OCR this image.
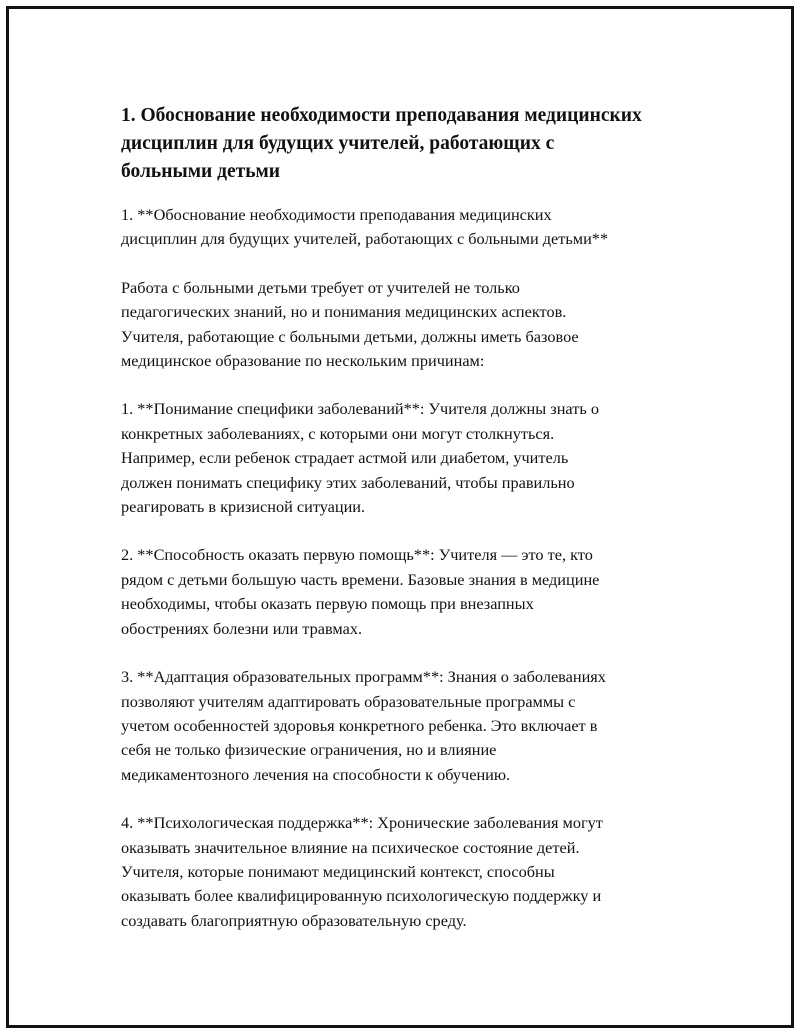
1. Обоснование необходимости преподавания медицинских
дисциплин для будущих учителей, работающих с
больными детьми
1. **Обоснование необходимости преподавания медицинских
дисциплин для будущих учителей, работающих с больными детьми**
Работа с больными детьми требует от учителей не только
педагогических знаний, но и понимания медицинских аспектов.
Учителя, работающие с больными детьми, должны иметь базовое
медицинское образование по нескольким причинам:
1. **Понимание специфики заболеваний**: Учителя должны знать о
конкретных заболеваниях, с которыми они могут столкнуться.
Например, если ребенок страдает астмой или диабетом, учитель
должен понимать специфику этих заболеваний, чтобы правильно
реагировать в кризисной ситуации.
2. **Способность оказать первую помощь**: Учителя — это те, кто
рядом с детьми большую часть времени. Базовые знания в медицине
необходимы, чтобы оказать первую помощь при внезапных
обострениях болезни или травмах.
3. **Адаптация образовательных программ**: Знания о заболеваниях
позволяют учителям адаптировать образовательные программы с
учетом особенностей здоровья конкретного ребенка. Это включает в
себя не только физические ограничения, но и влияние
медикаментозного лечения на способности к обучению.
4. **Психологическая поддержка**: Хронические заболевания могут
оказывать значительное влияние на психическое состояние детей.
Учителя, которые понимают медицинский контекст, способны
оказывать более квалифицированную психологическую поддержку и
создавать благоприятную образовательную среду.
